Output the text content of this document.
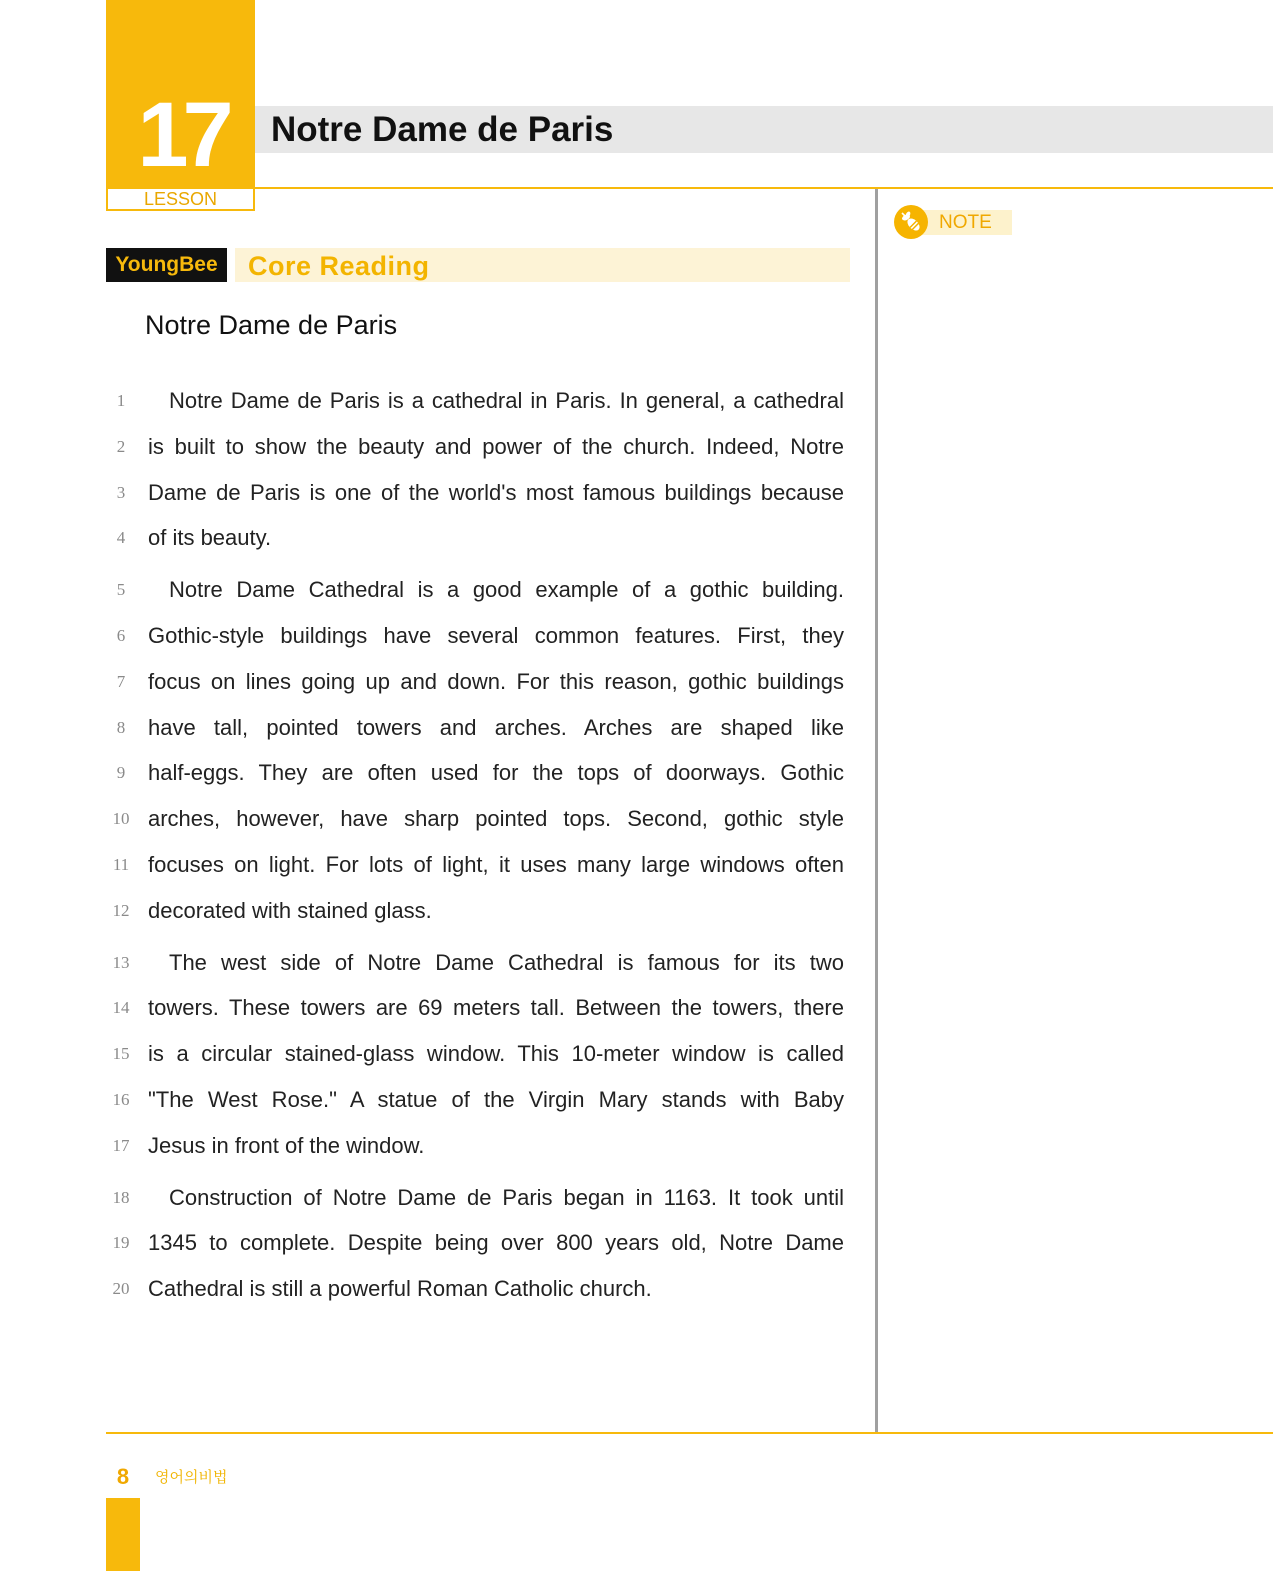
17
LESSON
Notre Dame de Paris
NOTE
YoungBee	Core Reading
Notre Dame de Paris
1	Notre Dame de Paris is a cathedral in Paris. In general, a cathedral
2	is built to show the beauty and power of the church. Indeed, Notre
3	Dame de Paris is one of the world's most famous buildings because
4	of its beauty.
5	Notre Dame Cathedral is a good example of a gothic building.
6	Gothic-style buildings have several common features. First, they
7	focus on lines going up and down. For this reason, gothic buildings
8	have tall, pointed towers and arches. Arches are shaped like
9	half-eggs. They are often used for the tops of doorways. Gothic
10 arches, however, have sharp pointed tops. Second, gothic style
11 focuses on light. For lots of light, it uses many large windows often
12 decorated with stained glass.
13	The west side of Notre Dame Cathedral is famous for its two
14 towers. These towers are 69 meters tall. Between the towers, there
15 is a circular stained-glass window. This 10-meter window is called
16 "The West Rose." A statue of the Virgin Mary stands with Baby
17 Jesus in front of the window.
18	Construction of Notre Dame de Paris began in 1163. It took until
19 1345 to complete. Despite being over 800 years old, Notre Dame
20 Cathedral is still a powerful Roman Catholic church.
8	영어의비법
